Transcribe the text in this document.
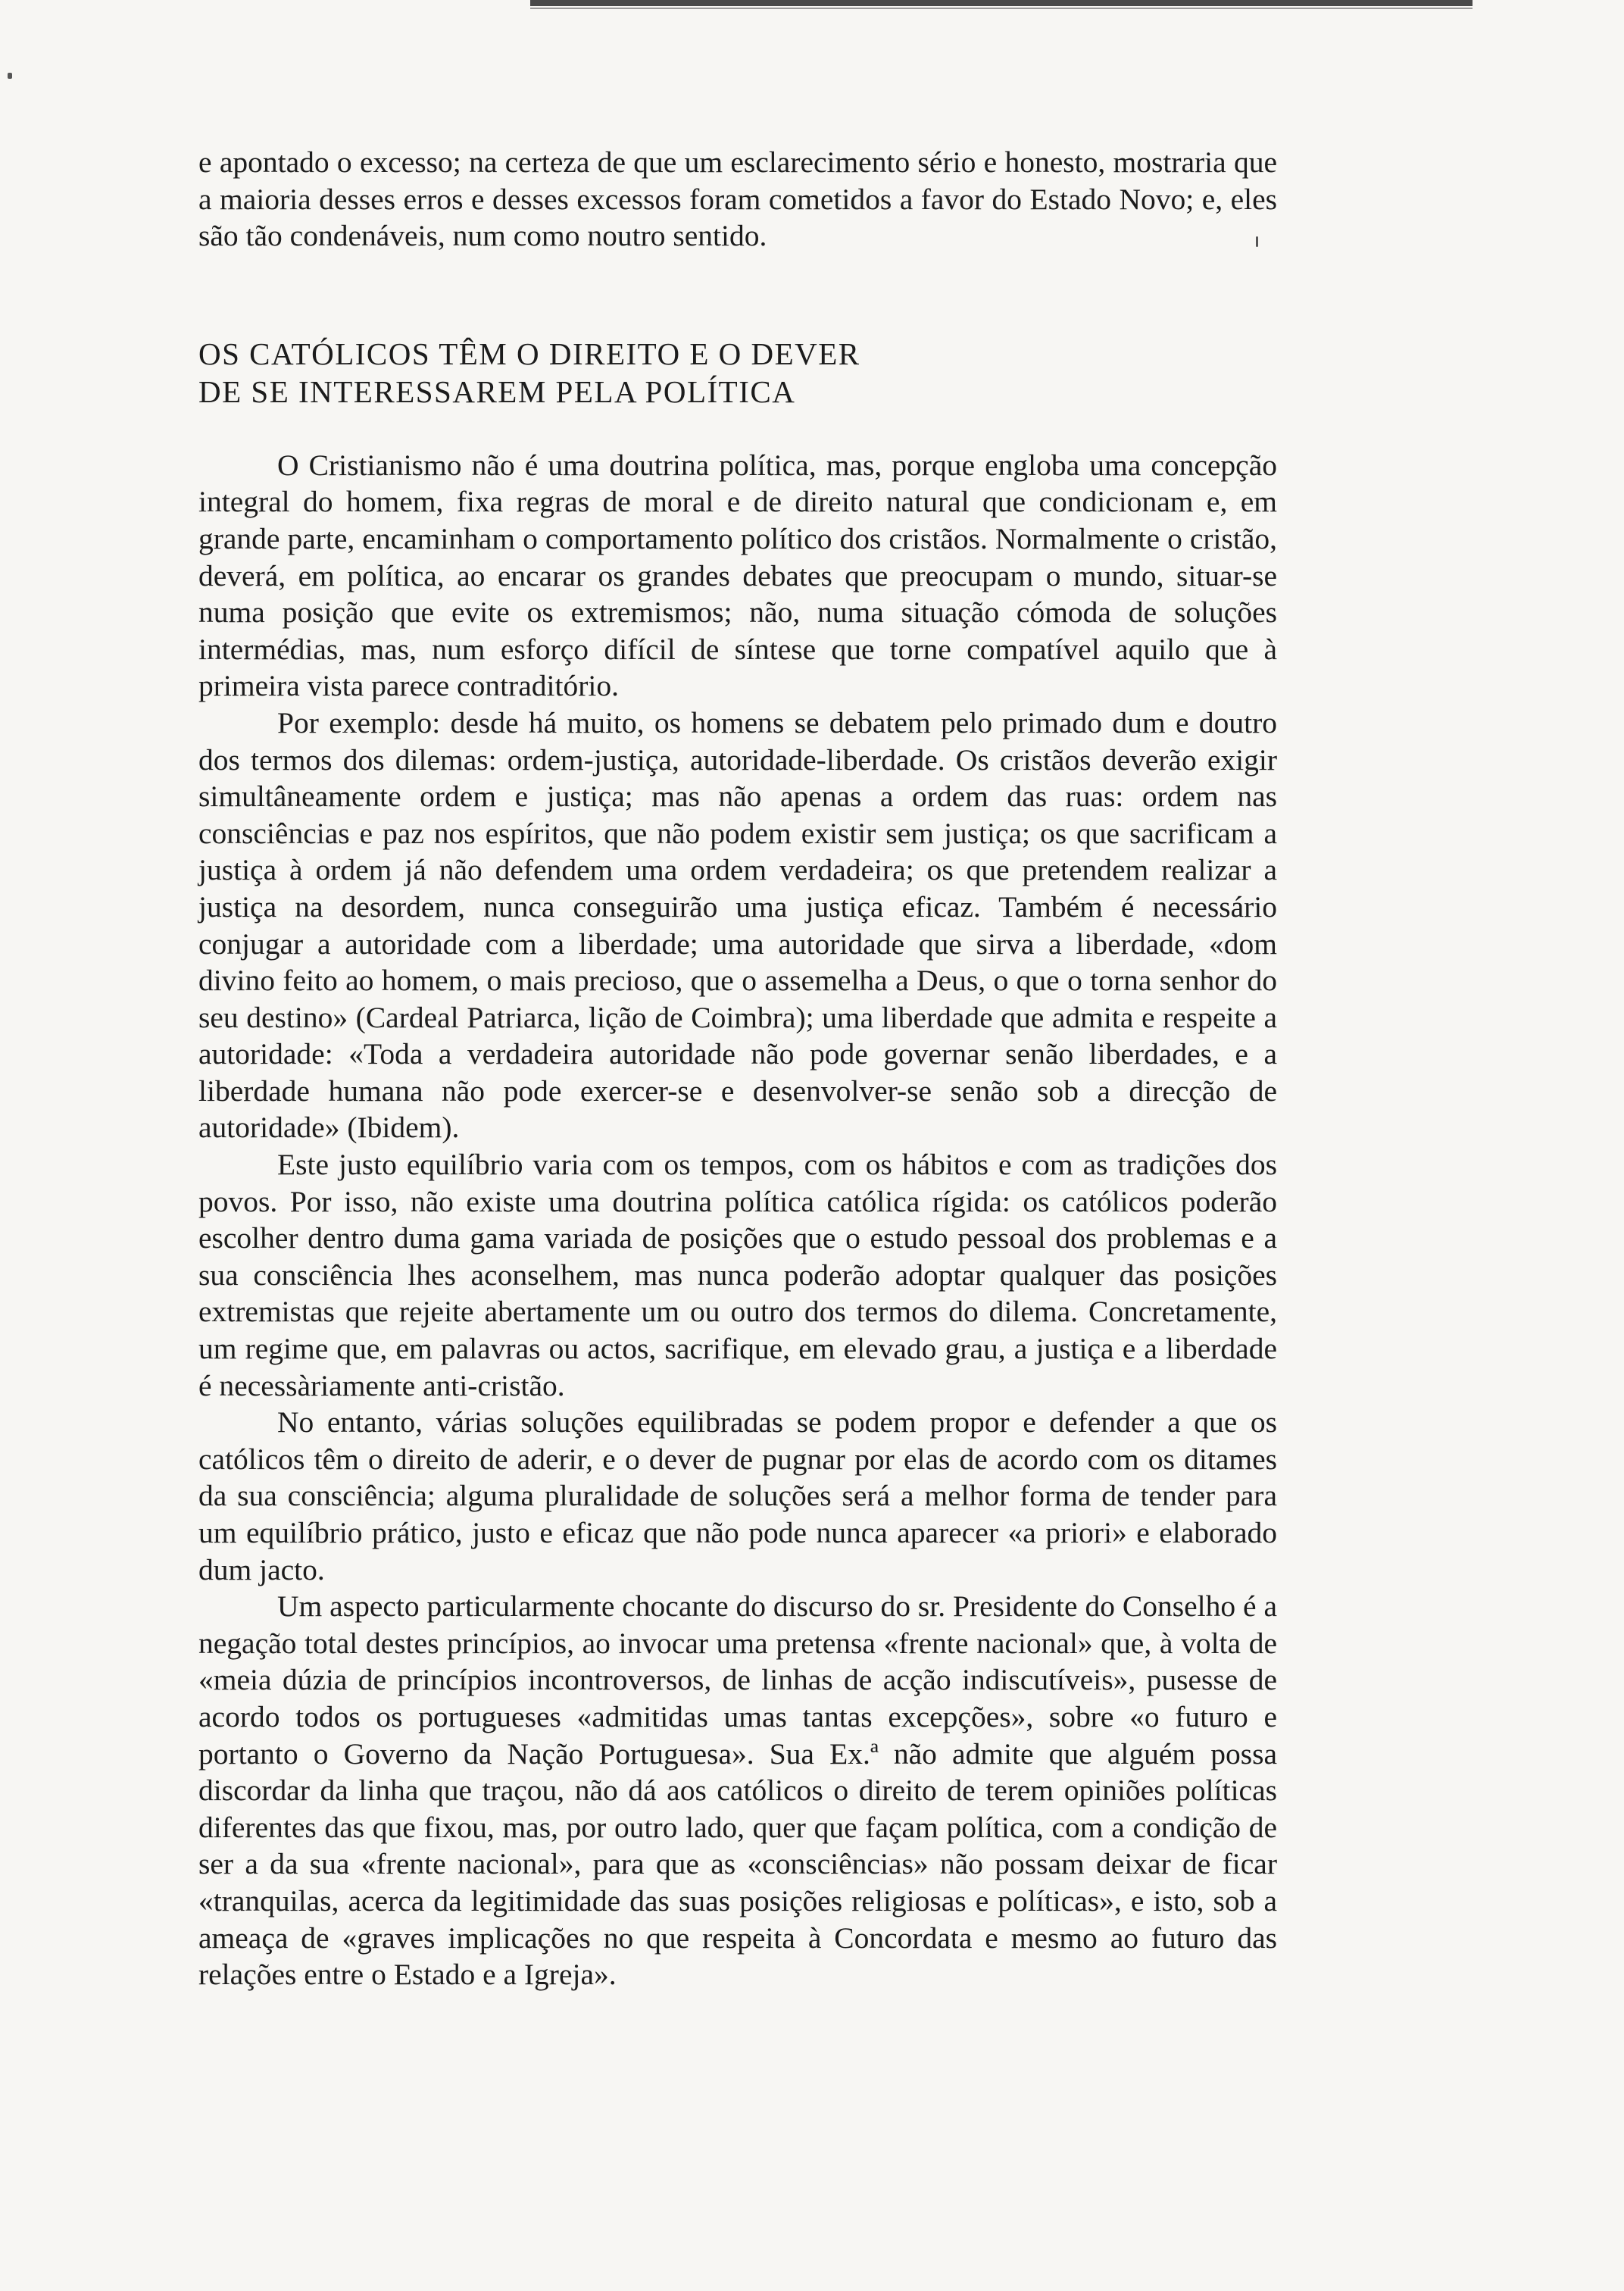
e apontado o excesso; na certeza de que um esclarecimento sério e honesto, mostraria que a maioria desses erros e desses excessos foram cometidos a favor do Estado Novo; e, eles são tão condenáveis, num como noutro sentido.

OS CATÓLICOS TÊM O DIREITO E O DEVER
DE SE INTERESSAREM PELA POLÍTICA

O Cristianismo não é uma doutrina política, mas, porque engloba uma concepção integral do homem, fixa regras de moral e de direito natural que condicionam e, em grande parte, encaminham o comportamento político dos cristãos. Normalmente o cristão, deverá, em política, ao encarar os grandes debates que preocupam o mundo, situar-se numa posição que evite os extremismos; não, numa situação cómoda de soluções intermédias, mas, num esforço difícil de síntese que torne compatível aquilo que à primeira vista parece contraditório.

Por exemplo: desde há muito, os homens se debatem pelo primado dum e doutro dos termos dos dilemas: ordem-justiça, autoridade-liberdade. Os cristãos deverão exigir simultâneamente ordem e justiça; mas não apenas a ordem das ruas: ordem nas consciências e paz nos espíritos, que não podem existir sem justiça; os que sacrificam a justiça à ordem já não defendem uma ordem verdadeira; os que pretendem realizar a justiça na desordem, nunca conseguirão uma justiça eficaz. Também é necessário conjugar a autoridade com a liberdade; uma autoridade que sirva a liberdade, «dom divino feito ao homem, o mais precioso, que o assemelha a Deus, o que o torna senhor do seu destino» (Cardeal Patriarca, lição de Coimbra); uma liberdade que admita e respeite a autoridade: «Toda a verdadeira autoridade não pode governar senão liberdades, e a liberdade humana não pode exercer-se e desenvolver-se senão sob a direcção de autoridade» (Ibidem).

Este justo equilíbrio varia com os tempos, com os hábitos e com as tradições dos povos. Por isso, não existe uma doutrina política católica rígida: os católicos poderão escolher dentro duma gama variada de posições que o estudo pessoal dos problemas e a sua consciência lhes aconselhem, mas nunca poderão adoptar qualquer das posições extremistas que rejeite abertamente um ou outro dos termos do dilema. Concretamente, um regime que, em palavras ou actos, sacrifique, em elevado grau, a justiça e a liberdade é necessàriamente anti-cristão.

No entanto, várias soluções equilibradas se podem propor e defender a que os católicos têm o direito de aderir, e o dever de pugnar por elas de acordo com os ditames da sua consciência; alguma pluralidade de soluções será a melhor forma de tender para um equilíbrio prático, justo e eficaz que não pode nunca aparecer «a priori» e elaborado dum jacto.

Um aspecto particularmente chocante do discurso do sr. Presidente do Conselho é a negação total destes princípios, ao invocar uma pretensa «frente nacional» que, à volta de «meia dúzia de princípios incontroversos, de linhas de acção indiscutíveis», pusesse de acordo todos os portugueses «admitidas umas tantas excepções», sobre «o futuro e portanto o Governo da Nação Portuguesa». Sua Ex.ª não admite que alguém possa discordar da linha que traçou, não dá aos católicos o direito de terem opiniões políticas diferentes das que fixou, mas, por outro lado, quer que façam política, com a condição de ser a da sua «frente nacional», para que as «consciências» não possam deixar de ficar «tranquilas, acerca da legitimidade das suas posições religiosas e políticas», e isto, sob a ameaça de «graves implicações no que respeita à Concordata e mesmo ao futuro das relações entre o Estado e a Igreja».
